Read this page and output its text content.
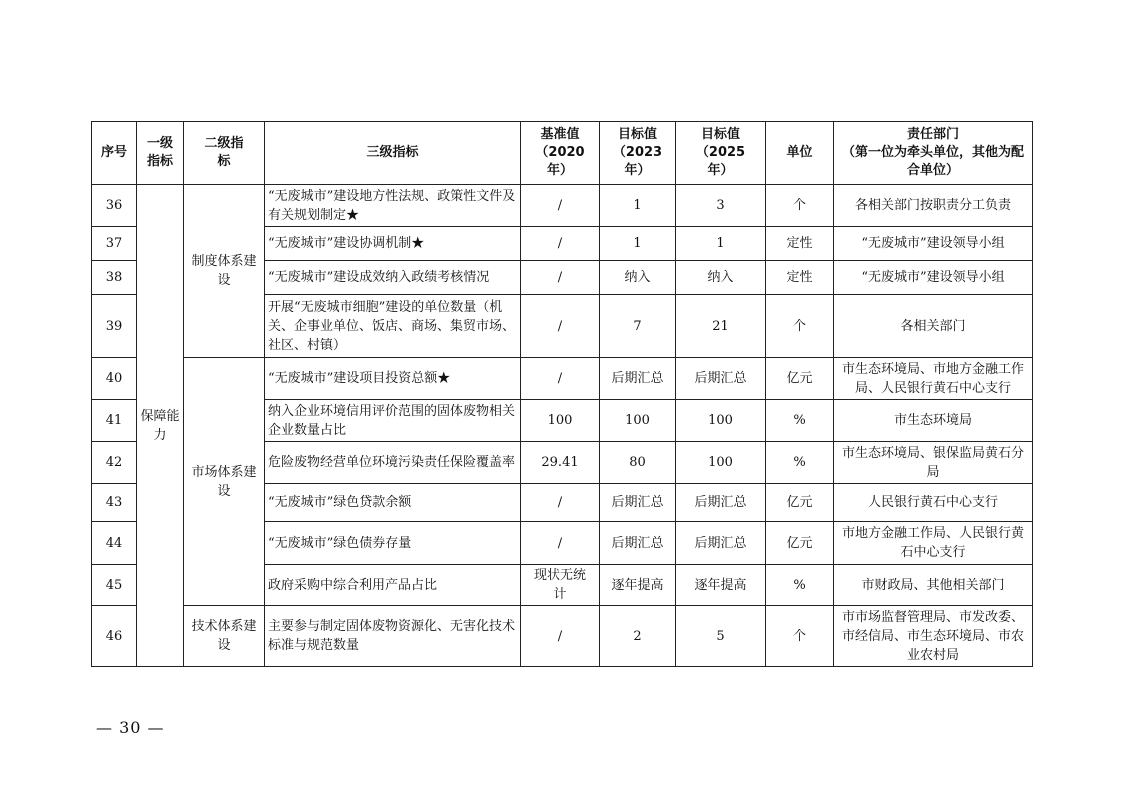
序号	一级指标	二级指标	三级指标	基准值（2020 年）	目标值（2023 年）	目标值（2025 年）	单位	责任部门
（第一位为牵头单位，其他为配合单位）

36	保障能力	制度体系建设	“无废城市”建设地方性法规、政策性文件及有关规划制定★	/	1	3	个	各相关部门按职责分工负责
37			“无废城市”建设协调机制★	/	1	1	定性	“无废城市”建设领导小组
38			“无废城市”建设成效纳入政绩考核情况	/	纳入	纳入	定性	“无废城市”建设领导小组
39			开展“无废城市细胞”建设的单位数量（机关、企事业单位、饭店、商场、集贸市场、社区、村镇）	/	7	21	个	各相关部门
40		市场体系建设	“无废城市”建设项目投资总额★	/	后期汇总	后期汇总	亿元	市生态环境局、市地方金融工作局、人民银行黄石中心支行
41			纳入企业环境信用评价范围的固体废物相关企业数量占比	100	100	100	%	市生态环境局
42			危险废物经营单位环境污染责任保险覆盖率	29.41	80	100	%	市生态环境局、银保监局黄石分局
43			“无废城市”绿色贷款余额	/	后期汇总	后期汇总	亿元	人民银行黄石中心支行
44			“无废城市”绿色债券存量	/	后期汇总	后期汇总	亿元	市地方金融工作局、人民银行黄石中心支行
45			政府采购中综合利用产品占比	现状无统计	逐年提高	逐年提高	%	市财政局、其他相关部门
46		技术体系建设	主要参与制定固体废物资源化、无害化技术标准与规范数量	/	2	5	个	市市场监督管理局、市发改委、市经信局、市生态环境局、市农业农村局
— 30 —
